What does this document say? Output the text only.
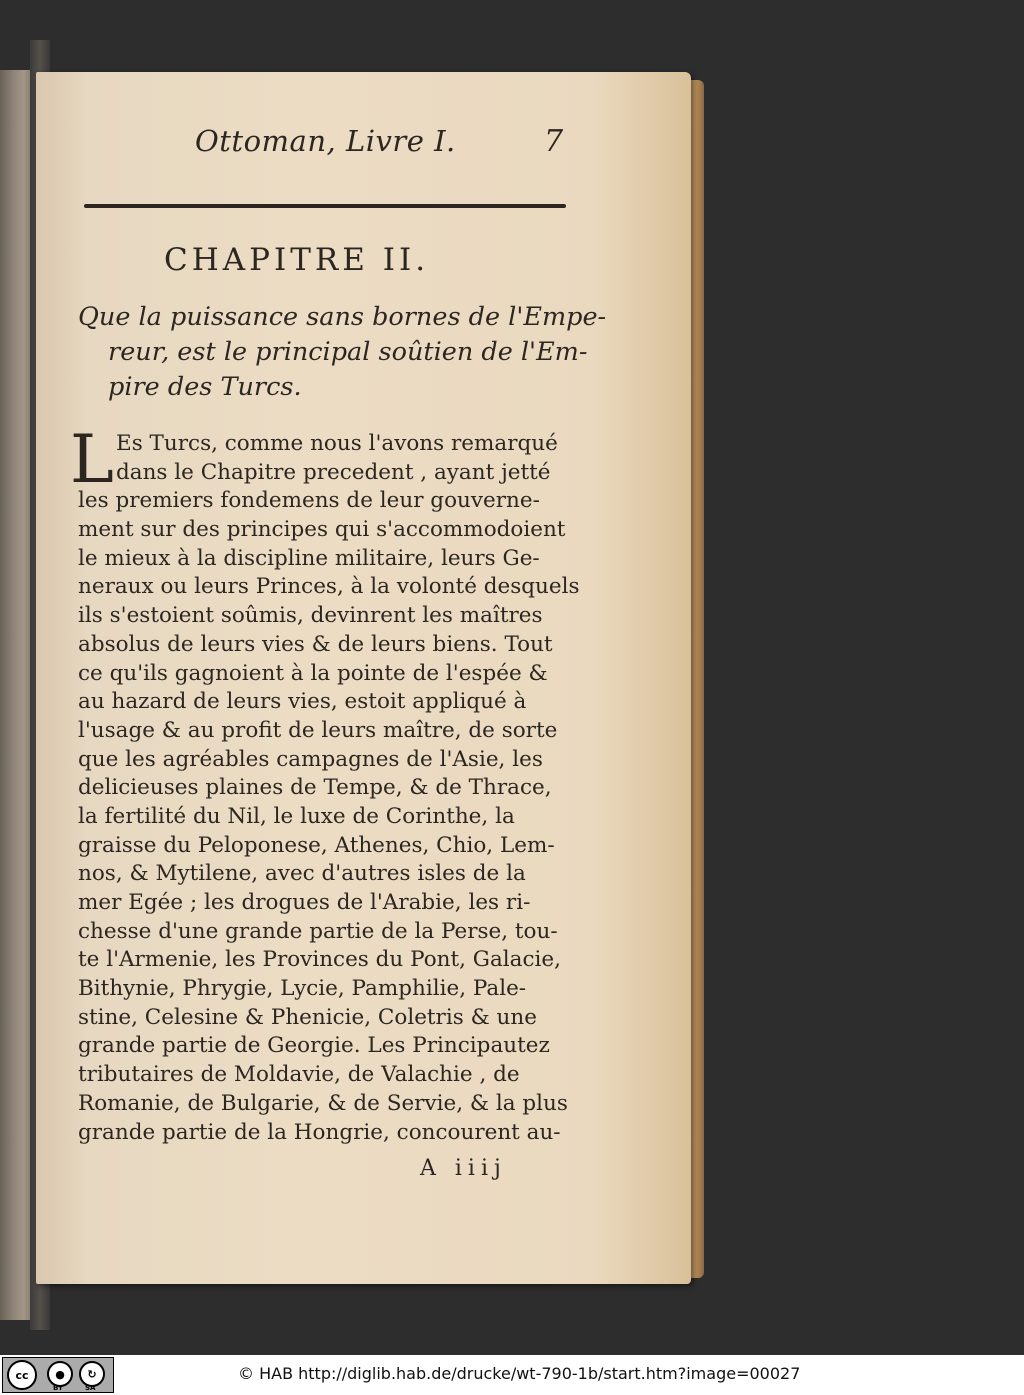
Ottoman, Livre I.	7
CHAPITRE II.
Que la puissance sans bornes de l'Empe-
reur, est le principal soûtien de l'Em-
pire des Turcs.
L Es Turcs, comme nous l'avons remarqué
dans le Chapitre precedent , ayant jetté
les premiers fondemens de leur gouverne-
ment sur des principes qui s'accommodoient
le mieux à la discipline militaire, leurs Ge-
neraux ou leurs Princes, à la volonté desquels
ils s'estoient soûmis, devinrent les maîtres
absolus de leurs vies & de leurs biens. Tout
ce qu'ils gagnoient à la pointe de l'espée &
au hazard de leurs vies, estoit appliqué à
l'usage & au profit de leurs maître, de sorte
que les agréables campagnes de l'Asie, les
delicieuses plaines de Tempe, & de Thrace,
la fertilité du Nil, le luxe de Corinthe, la
graisse du Peloponese, Athenes, Chio, Lem-
nos, & Mytilene, avec d'autres isles de la
mer Egée ; les drogues de l'Arabie, les ri-
chesse d'une grande partie de la Perse, tou-
te l'Armenie, les Provinces du Pont, Galacie,
Bithynie, Phrygie, Lycie, Pamphilie, Pale-
stine, Celesine & Phenicie, Coletris & une
grande partie de Georgie. Les Principautez
tributaires de Moldavie, de Valachie , de
Romanie, de Bulgarie, & de Servie, & la plus
grande partie de la Hongrie, concourent au-
A iiij
cc	●	↻
BY	SA
© HAB http://diglib.hab.de/drucke/wt-790-1b/start.htm?image=00027
